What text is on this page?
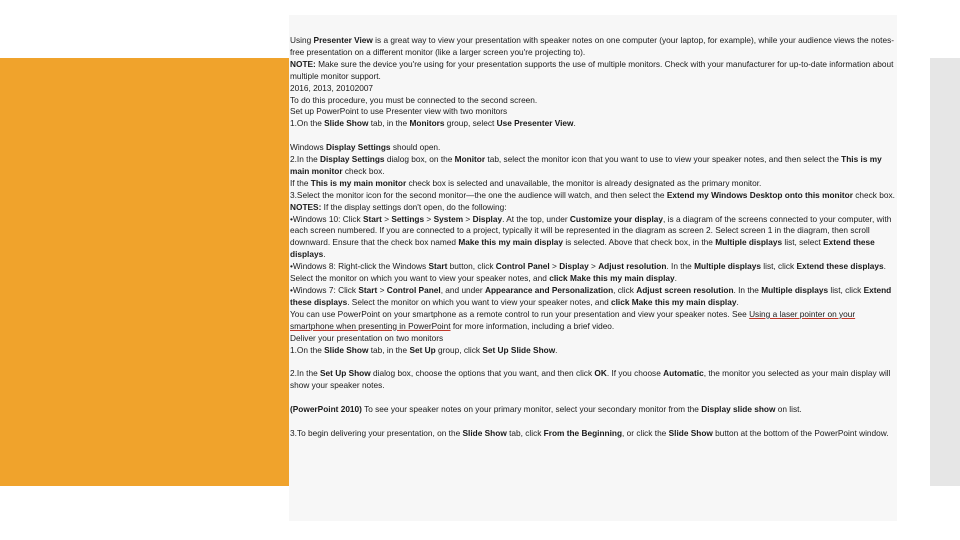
Using Presenter View is a great way to view your presentation with speaker notes on one computer (your laptop, for example), while your audience views the notes-free presentation on a different monitor (like a larger screen you're projecting to).

NOTE: Make sure the device you're using for your presentation supports the use of multiple monitors. Check with your manufacturer for up-to-date information about multiple monitor support.

2016, 2013, 20102007

To do this procedure, you must be connected to the second screen.

Set up PowerPoint to use Presenter view with two monitors

1.On the Slide Show tab, in the Monitors group, select Use Presenter View.

Windows Display Settings should open.

2.In the Display Settings dialog box, on the Monitor tab, select the monitor icon that you want to use to view your speaker notes, and then select the This is my main monitor check box.

If the This is my main monitor check box is selected and unavailable, the monitor is already designated as the primary monitor.

3.Select the monitor icon for the second monitor—the one the audience will watch, and then select the Extend my Windows Desktop onto this monitor check box.

NOTES: If the display settings don't open, do the following:

•Windows 10: Click Start > Settings > System > Display. At the top, under Customize your display, is a diagram of the screens connected to your computer, with each screen numbered. If you are connected to a project, typically it will be represented in the diagram as screen 2. Select screen 1 in the diagram, then scroll downward. Ensure that the check box named Make this my main display is selected. Above that check box, in the Multiple displays list, select Extend these displays.

•Windows 8: Right-click the Windows Start button, click Control Panel > Display > Adjust resolution. In the Multiple displays list, click Extend these displays. Select the monitor on which you want to view your speaker notes, and click Make this my main display.

•Windows 7: Click Start > Control Panel, and under Appearance and Personalization, click Adjust screen resolution. In the Multiple displays list, click Extend these displays. Select the monitor on which you want to view your speaker notes, and click Make this my main display.

You can use PowerPoint on your smartphone as a remote control to run your presentation and view your speaker notes. See Using a laser pointer on your smartphone when presenting in PowerPoint for more information, including a brief video.

Deliver your presentation on two monitors

1.On the Slide Show tab, in the Set Up group, click Set Up Slide Show.

2.In the Set Up Show dialog box, choose the options that you want, and then click OK. If you choose Automatic, the monitor you selected as your main display will show your speaker notes.

(PowerPoint 2010) To see your speaker notes on your primary monitor, select your secondary monitor from the Display slide show on list.

3.To begin delivering your presentation, on the Slide Show tab, click From the Beginning, or click the Slide Show button at the bottom of the PowerPoint window.
